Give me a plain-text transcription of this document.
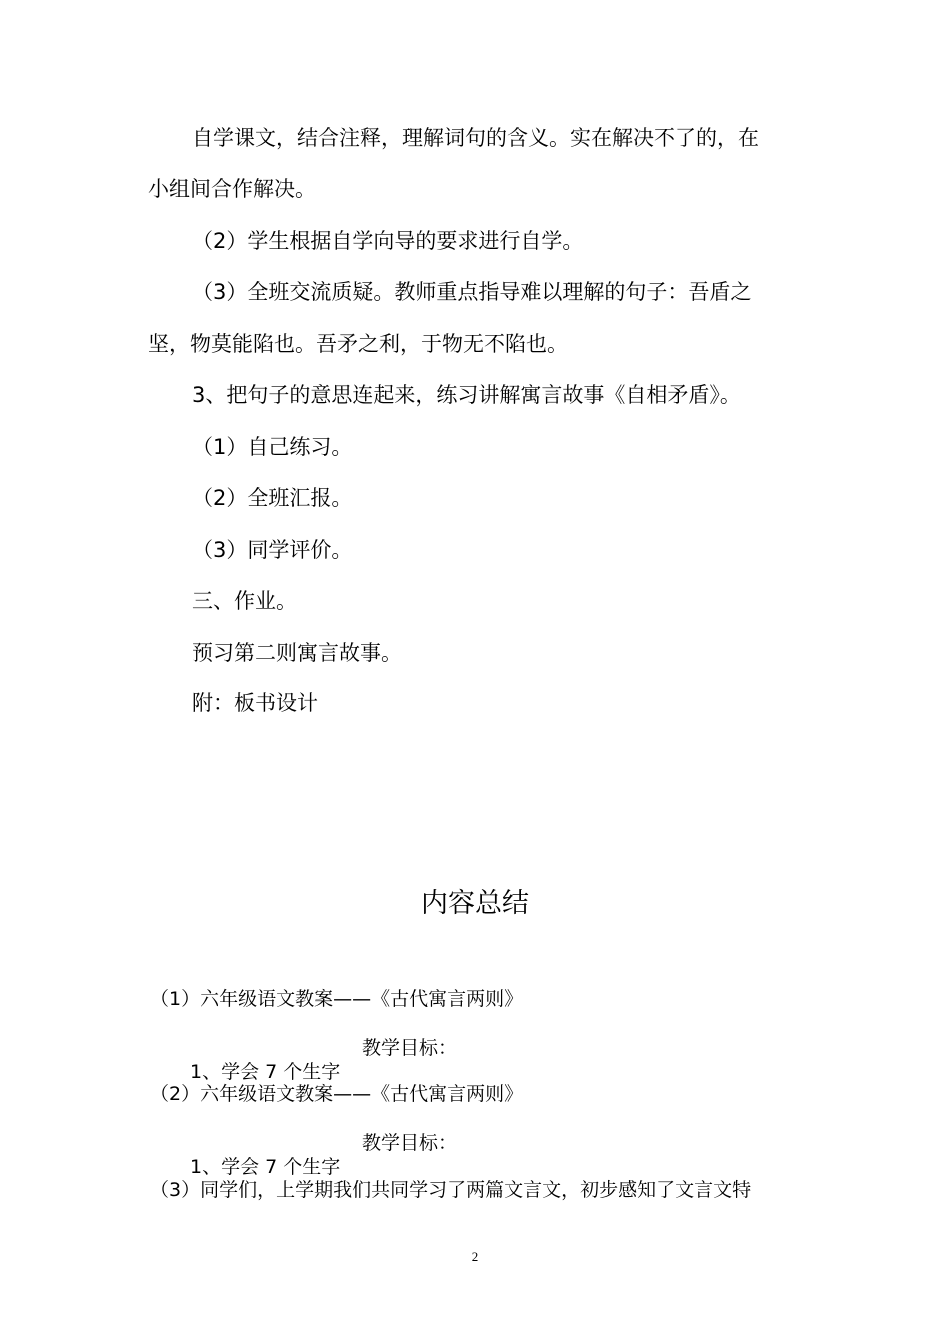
自学课文，结合注释，理解词句的含义。实在解决不了的，在
小组间合作解决。
（2）学生根据自学向导的要求进行自学。
（3）全班交流质疑。教师重点指导难以理解的句子：吾盾之
坚，物莫能陷也。吾矛之利，于物无不陷也。
3、把句子的意思连起来，练习讲解寓言故事《自相矛盾》。
（1）自己练习。
（2）全班汇报。
（3）同学评价。
三、作业。
预习第二则寓言故事。
附：板书设计
内容总结
（1）六年级语文教案——《古代寓言两则》
教学目标：
1、学会 7 个生字
（2）六年级语文教案——《古代寓言两则》
教学目标：
1、学会 7 个生字
（3）同学们，上学期我们共同学习了两篇文言文，初步感知了文言文特
2
